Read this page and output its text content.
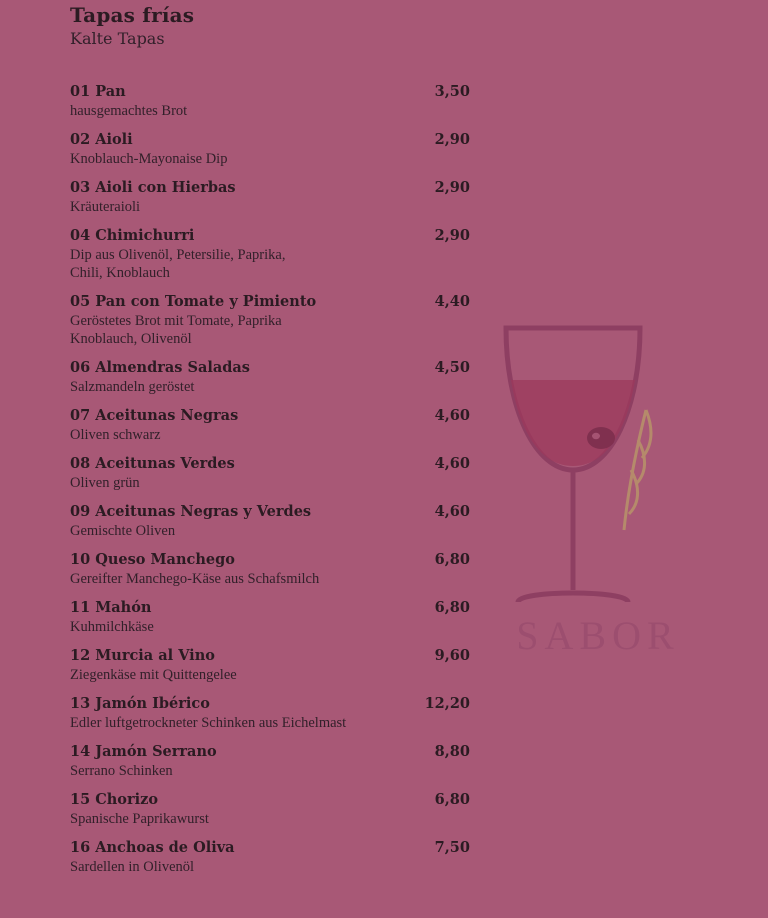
SABOR
Tapas frías
Kalte Tapas
01 Pan	3,50
hausgemachtes Brot
02 Aioli	2,90
Knoblauch-Mayonaise Dip
03 Aioli con Hierbas	2,90
Kräuteraioli
04 Chimichurri	2,90
Dip aus Olivenöl, Petersilie, Paprika,
Chili, Knoblauch
05 Pan con Tomate y Pimiento	4,40
Geröstetes Brot mit Tomate, Paprika
Knoblauch, Olivenöl
06 Almendras Saladas	4,50
Salzmandeln geröstet
07 Aceitunas Negras	4,60
Oliven schwarz
08 Aceitunas Verdes	4,60
Oliven grün
09 Aceitunas Negras y Verdes	4,60
Gemischte Oliven
10 Queso Manchego	6,80
Gereifter Manchego-Käse aus Schafsmilch
11 Mahón	6,80
Kuhmilchkäse
12 Murcia al Vino	9,60
Ziegenkäse mit Quittengelee
13 Jamón Ibérico	12,20
Edler luftgetrockneter Schinken aus Eichelmast
14 Jamón Serrano	8,80
Serrano Schinken
15 Chorizo	6,80
Spanische Paprikawurst
16 Anchoas de Oliva	7,50
Sardellen in Olivenöl
